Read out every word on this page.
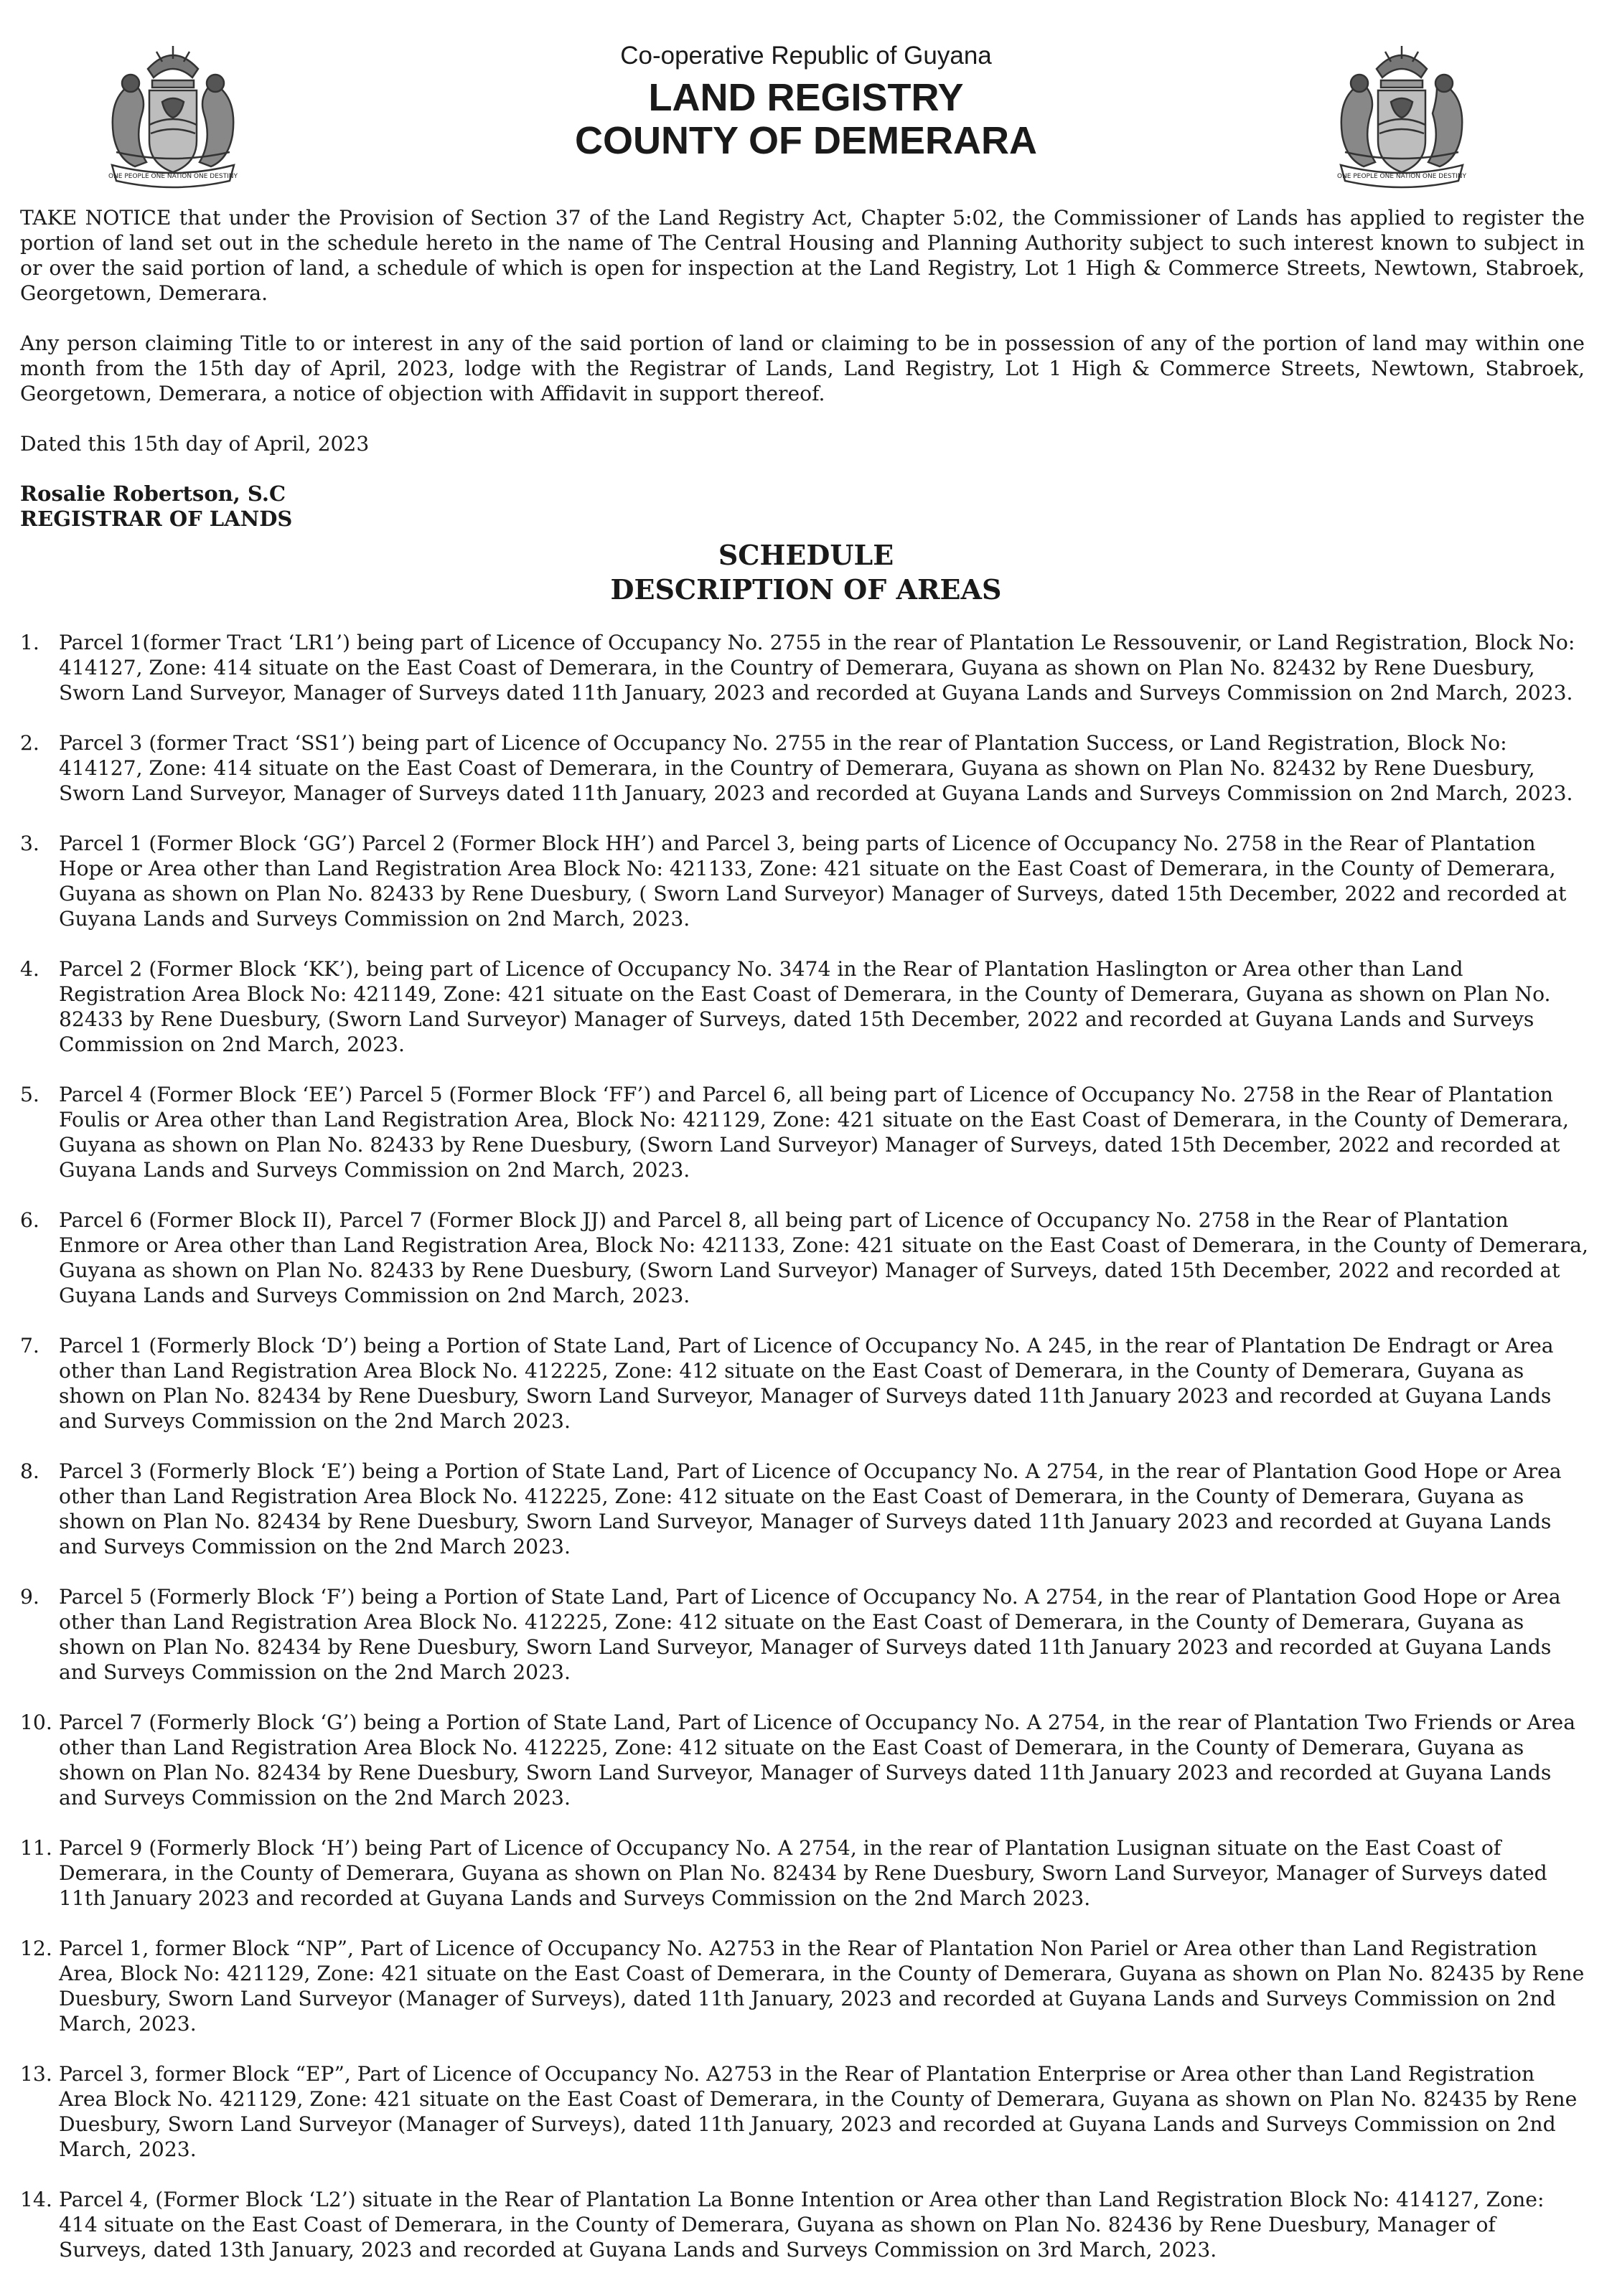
ONE PEOPLE ONE NATION ONE DESTINY	ONE PEOPLE ONE NATION ONE DESTINY
Co-operative Republic of Guyana
LAND REGISTRY
COUNTY OF DEMERARA

TAKE NOTICE that under the Provision of Section 37 of the Land Registry Act, Chapter 5:02, the Commissioner of Lands has applied to register the portion of land set out in the schedule hereto in the name of The Central Housing and Planning Authority subject to such interest known to subject in or over the said portion of land, a schedule of which is open for inspection at the Land Registry, Lot 1 High & Commerce Streets, Newtown, Stabroek, Georgetown, Demerara.

Any person claiming Title to or interest in any of the said portion of land or claiming to be in possession of any of the portion of land may within one month from the 15th day of April, 2023, lodge with the Registrar of Lands, Land Registry, Lot 1 High & Commerce Streets, Newtown, Stabroek, Georgetown, Demerara, a notice of objection with Affidavit in support thereof.

Dated this 15th day of April, 2023

Rosalie Robertson, S.C
REGISTRAR OF LANDS
SCHEDULE
DESCRIPTION OF AREAS
1. Parcel 1(former Tract ‘LR1’) being part of Licence of Occupancy No. 2755 in the rear of Plantation Le Ressouvenir, or Land Registration, Block No: 414127, Zone: 414 situate on the East Coast of Demerara, in the Country of Demerara, Guyana as shown on Plan No. 82432 by Rene Duesbury, Sworn Land Surveyor, Manager of Surveys dated 11th January, 2023 and recorded at Guyana Lands and Surveys Commission on 2nd March, 2023.
2. Parcel 3 (former Tract ‘SS1’) being part of Licence of Occupancy No. 2755 in the rear of Plantation Success, or Land Registration, Block No: 414127, Zone: 414 situate on the East Coast of Demerara, in the Country of Demerara, Guyana as shown on Plan No. 82432 by Rene Duesbury, Sworn Land Surveyor, Manager of Surveys dated 11th January, 2023 and recorded at Guyana Lands and Surveys Commission on 2nd March, 2023.
3. Parcel 1 (Former Block ‘GG’) Parcel 2 (Former Block HH’) and Parcel 3, being parts of Licence of Occupancy No. 2758 in the Rear of Plantation Hope or Area other than Land Registration Area Block No: 421133, Zone: 421 situate on the East Coast of Demerara, in the County of Demerara, Guyana as shown on Plan No. 82433 by Rene Duesbury, ( Sworn Land Surveyor) Manager of Surveys, dated 15th December, 2022 and recorded at Guyana Lands and Surveys Commission on 2nd March, 2023.
4. Parcel 2 (Former Block ‘KK’), being part of Licence of Occupancy No. 3474 in the Rear of Plantation Haslington or Area other than Land Registration Area Block No: 421149, Zone: 421 situate on the East Coast of Demerara, in the County of Demerara, Guyana as shown on Plan No. 82433 by Rene Duesbury, (Sworn Land Surveyor) Manager of Surveys, dated 15th December, 2022 and recorded at Guyana Lands and Surveys Commission on 2nd March, 2023.
5. Parcel 4 (Former Block ‘EE’) Parcel 5 (Former Block ‘FF’) and Parcel 6, all being part of Licence of Occupancy No. 2758 in the Rear of Plantation Foulis or Area other than Land Registration Area, Block No: 421129, Zone: 421 situate on the East Coast of Demerara, in the County of Demerara, Guyana as shown on Plan No. 82433 by Rene Duesbury, (Sworn Land Surveyor) Manager of Surveys, dated 15th December, 2022 and recorded at Guyana Lands and Surveys Commission on 2nd March, 2023.
6. Parcel 6 (Former Block II), Parcel 7 (Former Block JJ) and Parcel 8, all being part of Licence of Occupancy No. 2758 in the Rear of Plantation Enmore or Area other than Land Registration Area, Block No: 421133, Zone: 421 situate on the East Coast of Demerara, in the County of Demerara, Guyana as shown on Plan No. 82433 by Rene Duesbury, (Sworn Land Surveyor) Manager of Surveys, dated 15th December, 2022 and recorded at Guyana Lands and Surveys Commission on 2nd March, 2023.
7. Parcel 1 (Formerly Block ‘D’) being a Portion of State Land, Part of Licence of Occupancy No. A 245, in the rear of Plantation De Endragt or Area other than Land Registration Area Block No. 412225, Zone: 412 situate on the East Coast of Demerara, in the County of Demerara, Guyana as shown on Plan No. 82434 by Rene Duesbury, Sworn Land Surveyor, Manager of Surveys dated 11th January 2023 and recorded at Guyana Lands and Surveys Commission on the 2nd March 2023.
8. Parcel 3 (Formerly Block ‘E’) being a Portion of State Land, Part of Licence of Occupancy No. A 2754, in the rear of Plantation Good Hope or Area other than Land Registration Area Block No. 412225, Zone: 412 situate on the East Coast of Demerara, in the County of Demerara, Guyana as shown on Plan No. 82434 by Rene Duesbury, Sworn Land Surveyor, Manager of Surveys dated 11th January 2023 and recorded at Guyana Lands and Surveys Commission on the 2nd March 2023.
9. Parcel 5 (Formerly Block ‘F’) being a Portion of State Land, Part of Licence of Occupancy No. A 2754, in the rear of Plantation Good Hope or Area other than Land Registration Area Block No. 412225, Zone: 412 situate on the East Coast of Demerara, in the County of Demerara, Guyana as shown on Plan No. 82434 by Rene Duesbury, Sworn Land Surveyor, Manager of Surveys dated 11th January 2023 and recorded at Guyana Lands and Surveys Commission on the 2nd March 2023.
10. Parcel 7 (Formerly Block ‘G’) being a Portion of State Land, Part of Licence of Occupancy No. A 2754, in the rear of Plantation Two Friends or Area other than Land Registration Area Block No. 412225, Zone: 412 situate on the East Coast of Demerara, in the County of Demerara, Guyana as shown on Plan No. 82434 by Rene Duesbury, Sworn Land Surveyor, Manager of Surveys dated 11th January 2023 and recorded at Guyana Lands and Surveys Commission on the 2nd March 2023.
11. Parcel 9 (Formerly Block ‘H’) being Part of Licence of Occupancy No. A 2754, in the rear of Plantation Lusignan situate on the East Coast of Demerara, in the County of Demerara, Guyana as shown on Plan No. 82434 by Rene Duesbury, Sworn Land Surveyor, Manager of Surveys dated 11th January 2023 and recorded at Guyana Lands and Surveys Commission on the 2nd March 2023.
12. Parcel 1, former Block “NP”, Part of Licence of Occupancy No. A2753 in the Rear of Plantation Non Pariel or Area other than Land Registration Area, Block No: 421129, Zone: 421 situate on the East Coast of Demerara, in the County of Demerara, Guyana as shown on Plan No. 82435 by Rene Duesbury, Sworn Land Surveyor (Manager of Surveys), dated 11th January, 2023 and recorded at Guyana Lands and Surveys Commission on 2nd March, 2023.
13. Parcel 3, former Block “EP”, Part of Licence of Occupancy No. A2753 in the Rear of Plantation Enterprise or Area other than Land Registration Area Block No. 421129, Zone: 421 situate on the East Coast of Demerara, in the County of Demerara, Guyana as shown on Plan No. 82435 by Rene Duesbury, Sworn Land Surveyor (Manager of Surveys), dated 11th January, 2023 and recorded at Guyana Lands and Surveys Commission on 2nd March, 2023.
14. Parcel 4, (Former Block ‘L2’) situate in the Rear of Plantation La Bonne Intention or Area other than Land Registration Block No: 414127, Zone: 414 situate on the East Coast of Demerara, in the County of Demerara, Guyana as shown on Plan No. 82436 by Rene Duesbury, Manager of Surveys, dated 13th January, 2023 and recorded at Guyana Lands and Surveys Commission on 3rd March, 2023.
